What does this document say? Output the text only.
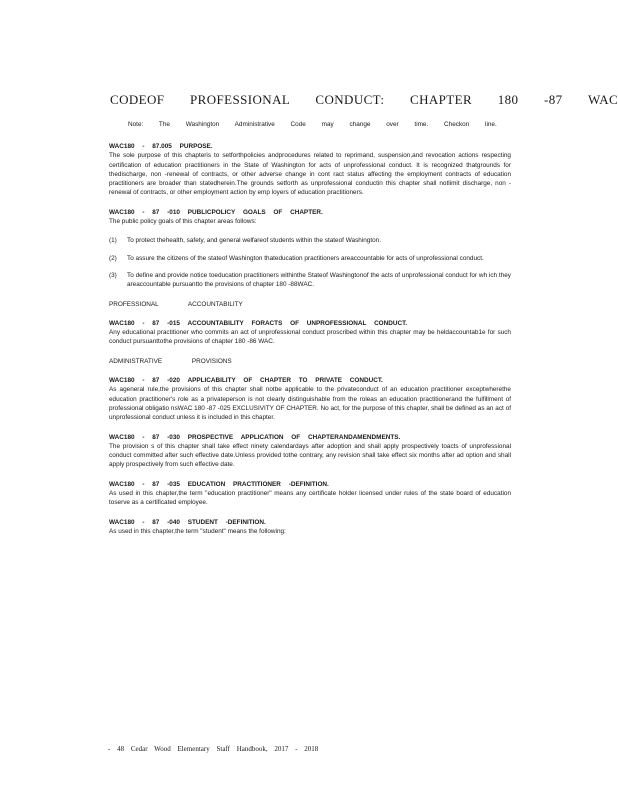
CODEOF PROFESSIONAL CONDUCT: CHAPTER 180 -87 WAC
Note: The Washington Administrative Code may change over time. Checkon line.
WAC180 - 87.005 PURPOSE.
The sole purpose of this chapteris to setforthpolicies andprocedures related to reprimand, suspension,and revocation actions respecting certification of education practitioners in the State of Washington for acts of unprofessional conduct. It is recognized thatgrounds for thedischarge, non -renewal of contracts, or other adverse change in cont ract status affecting the employment contracts of education practitioners are broader than statedherein.The grounds setforth as unprofessional conductin this chapter shall notlimit discharge, non -renewal of contracts, or other employment action by emp loyers of education practitioners.
WAC180 - 87 -010 PUBLICPOLICY GOALS OF CHAPTER.
The public policy goals of this chapter areas follows:
(1)	To protect thehealth, safety, and general welfareof students within the stateof Washington.
(2)	To assure the citizens of the stateof Washington thateducation practitioners areaccountable for acts of unprofessional conduct.
(3)	To define and provide notice toeducation practitioners withinthe Stateof Washingtonof the acts of unprofessional conduct for wh ich they areaccountable pursuantto the provisions of chapter 180 -88WAC.
PROFESSIONAL ACCOUNTABILITY
WAC180 - 87 -015 ACCOUNTABILITY FORACTS OF UNPROFESSIONAL CONDUCT.
Any educational practitioner who commits an act of unprofessional conduct proscribed within this chapter may be heldaccountab1e for such conduct pursuanttothe provisions of chapter 180 -86 WAC.
ADMINISTRATIVE PROVISIONS
WAC180 - 87 -020 APPLICABILITY OF CHAPTER TO PRIVATE CONDUCT.
As ageneral rule,the provisions of this chapter shall notbe applicable to the privateconduct of an education practitioner exceptwherethe education practitioner's role as a privateperson is not clearly distinguishable from the roleas an education practitionerand the fulfillment of professional obligatio nsWAC 180 -87 -025 EXCLUSIVITY OF CHAPTER. No act, for the purpose of this chapter, shall be defined as an act of unprofessional conduct unless it is included in this chapter.
WAC180 - 87 -030 PROSPECTIVE APPLICATION OF CHAPTERANDAMENDMENTS.
The provision s of this chapter shall take effect ninety calendardays after adoption and shall apply prospectively toacts of unprofessional conduct committed after such effective date.Unless provided tothe contrary, any revision shall take effect six months after ad option and shall apply prospectively from such effective date.
WAC180 - 87 -035 EDUCATION PRACTITIONER -DEFINITION.
As used in this chapter,the term "education practitioner" means any certificate holder licensed under rules of the state board of education toserve as a certificated employee.
WAC180 - 87 -040 STUDENT -DEFINITION.
As used in this chapter,the term "student" means the following:
- 48 Cedar Wood Elementary Staff Handbook, 2017 - 2018
